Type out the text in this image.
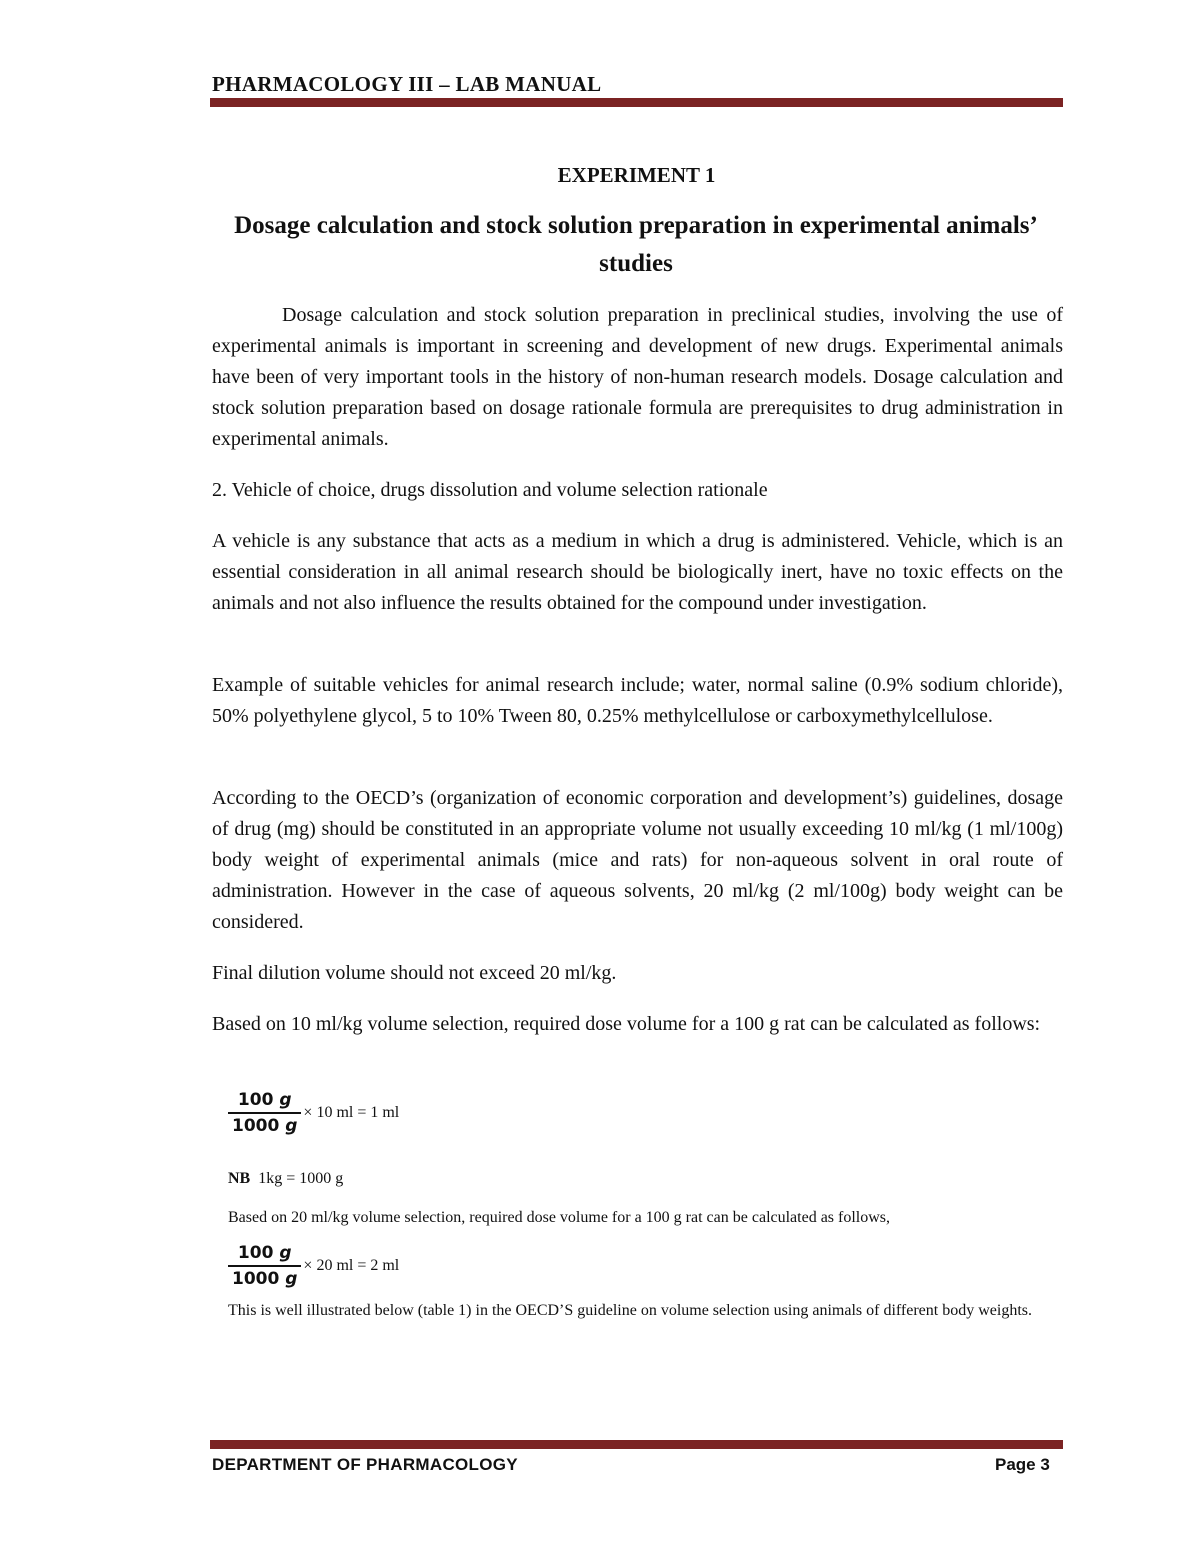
PHARMACOLOGY III – LAB MANUAL
EXPERIMENT 1
Dosage calculation and stock solution preparation in experimental animals’ studies

Dosage calculation and stock solution preparation in preclinical studies, involving the use of experimental animals is important in screening and development of new drugs. Experimental animals have been of very important tools in the history of non-human research models. Dosage calculation and stock solution preparation based on dosage rationale formula are prerequisites to drug administration in experimental animals.

2. Vehicle of choice, drugs dissolution and volume selection rationale

A vehicle is any substance that acts as a medium in which a drug is administered. Vehicle, which is an essential consideration in all animal research should be biologically inert, have no toxic effects on the animals and not also influence the results obtained for the compound under investigation.

Example of suitable vehicles for animal research include; water, normal saline (0.9% sodium chloride), 50% polyethylene glycol, 5 to 10% Tween 80, 0.25% methylcellulose or carboxymethylcellulose.

According to the OECD’s (organization of economic corporation and development’s) guidelines, dosage of drug (mg) should be constituted in an appropriate volume not usually exceeding 10 ml/kg (1 ml/100g) body weight of experimental animals (mice and rats) for non-aqueous solvent in oral route of administration. However in the case of aqueous solvents, 20 ml/kg (2 ml/100g) body weight can be considered.

Final dilution volume should not exceed 20 ml/kg.

Based on 10 ml/kg volume selection, required dose volume for a 100 g rat can be calculated as follows:

$\frac{100 g}{1000 g} \times 10$ ml = 1 ml
NB 1kg = 1000 g
Based on 20 ml/kg volume selection, required dose volume for a 100 g rat can be calculated as follows,
$\frac{100 g}{1000 g} \times 20$ ml = 2 ml
This is well illustrated below (table 1) in the OECD’S guideline on volume selection using animals of different body weights.
DEPARTMENT OF PHARMACOLOGY	Page 3
